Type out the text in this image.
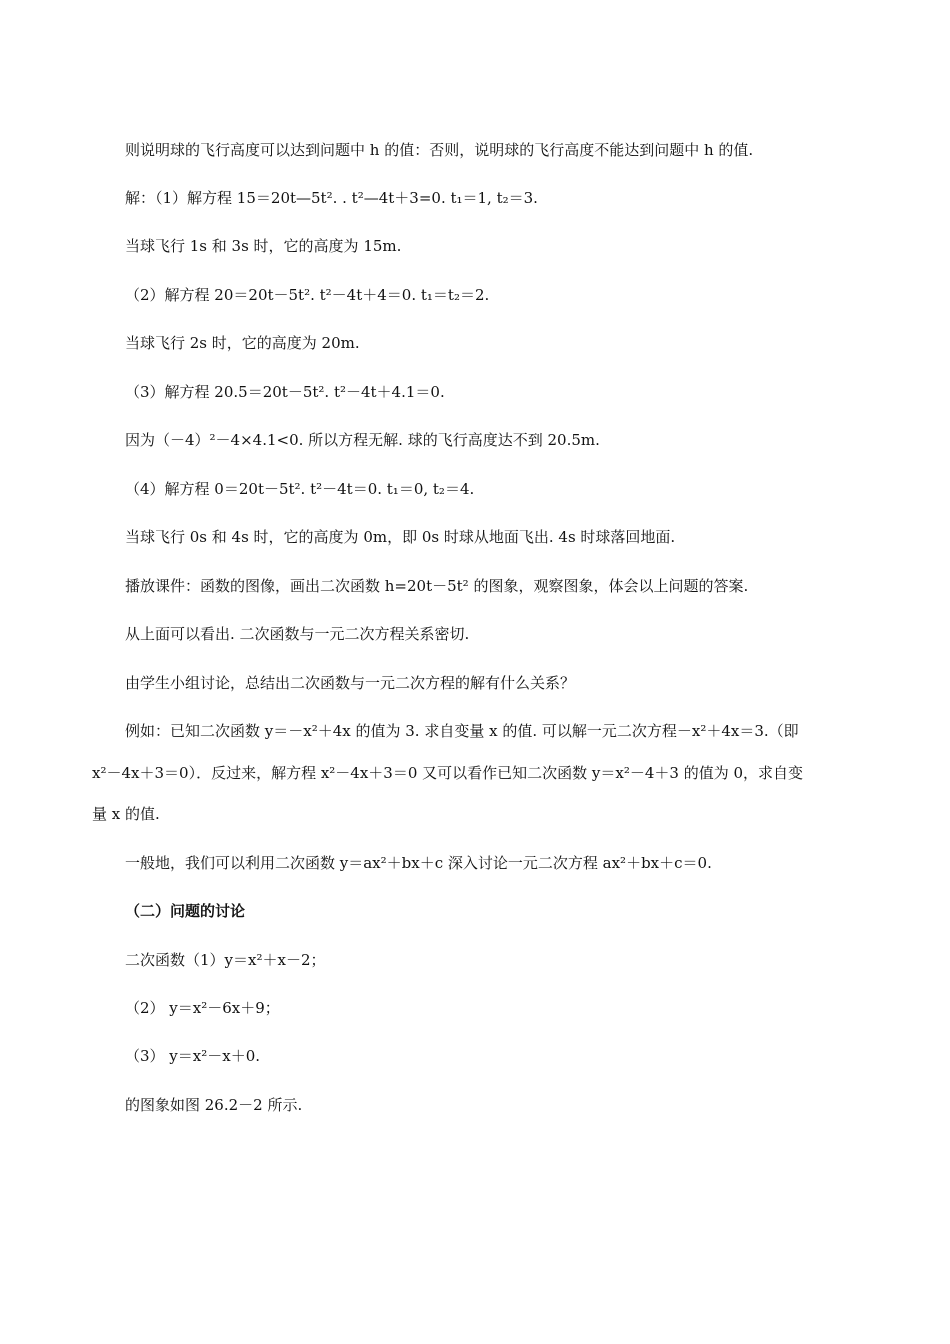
则说明球的飞行高度可以达到问题中 h 的值：否则，说明球的飞行高度不能达到问题中 h 的值.
解：（1）解方程 15＝20t—5t². . t²—4t＋3=0. t₁＝1, t₂＝3.
当球飞行 1s 和 3s 时，它的高度为 15m.
（2）解方程 20＝20t－5t². t²－4t＋4＝0. t₁＝t₂＝2.
当球飞行 2s 时，它的高度为 20m.
（3）解方程 20.5＝20t－5t². t²－4t＋4.1＝0.
因为（－4）²－4×4.1<0. 所以方程无解. 球的飞行高度达不到 20.5m.
（4）解方程 0＝20t－5t². t²－4t＝0. t₁＝0, t₂＝4.
当球飞行 0s 和 4s 时，它的高度为 0m，即 0s 时球从地面飞出. 4s 时球落回地面.
播放课件：函数的图像，画出二次函数 h=20t－5t² 的图象，观察图象，体会以上问题的答案.
从上面可以看出. 二次函数与一元二次方程关系密切.
由学生小组讨论，总结出二次函数与一元二次方程的解有什么关系？
例如：已知二次函数 y＝－x²＋4x 的值为 3. 求自变量 x 的值. 可以解一元二次方程－x²＋4x＝3.（即
x²－4x＋3＝0）．反过来，解方程 x²－4x＋3＝0 又可以看作已知二次函数 y＝x²－4＋3 的值为 0，求自变
量 x 的值.
一般地，我们可以利用二次函数 y＝ax²＋bx＋c 深入讨论一元二次方程 ax²＋bx＋c＝0.
（二）问题的讨论
二次函数（1）y＝x²＋x－2；
（2） y＝x²－6x＋9；
（3） y＝x²－x＋0.
的图象如图 26.2－2 所示.
